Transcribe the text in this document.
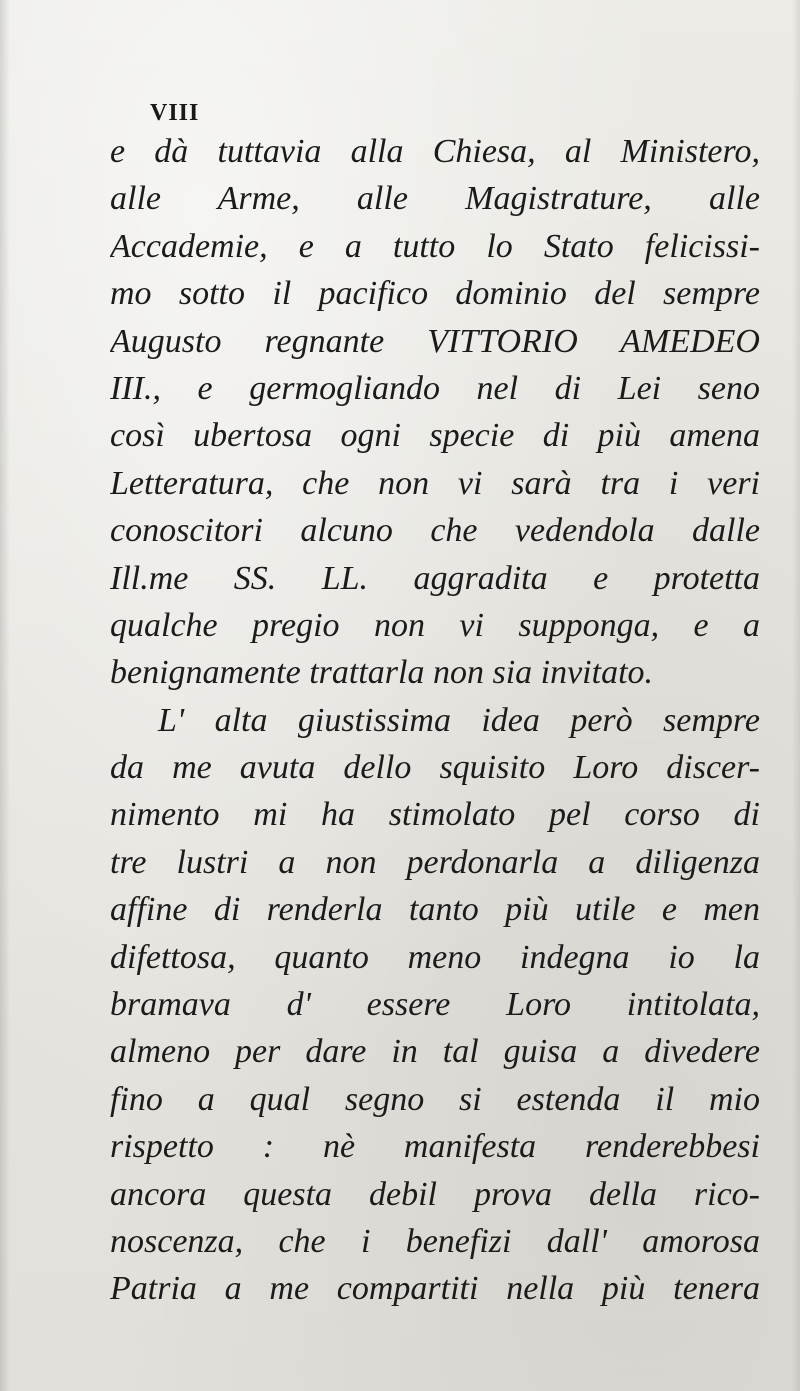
VIII
e dà tuttavia alla Chiesa, al Ministero,
alle Arme, alle Magistrature, alle
Accademie, e a tutto lo Stato felicissi-
mo sotto il pacifico dominio del sempre
Augusto regnante VITTORIO AMEDEO
III., e germogliando nel di Lei seno
così ubertosa ogni specie di più amena
Letteratura, che non vi sarà tra i veri
conoscitori alcuno che vedendola dalle
Ill.me SS. LL. aggradita e protetta
qualche pregio non vi supponga, e a
benignamente trattarla non sia invitato.
L' alta giustissima idea però sempre
da me avuta dello squisito Loro discer-
nimento mi ha stimolato pel corso di
tre lustri a non perdonarla a diligenza
affine di renderla tanto più utile e men
difettosa, quanto meno indegna io la
bramava d' essere Loro intitolata,
almeno per dare in tal guisa a divedere
fino a qual segno si estenda il mio
rispetto : nè manifesta renderebbesi
ancora questa debil prova della rico-
noscenza, che i benefizi dall' amorosa
Patria a me compartiti nella più tenera
